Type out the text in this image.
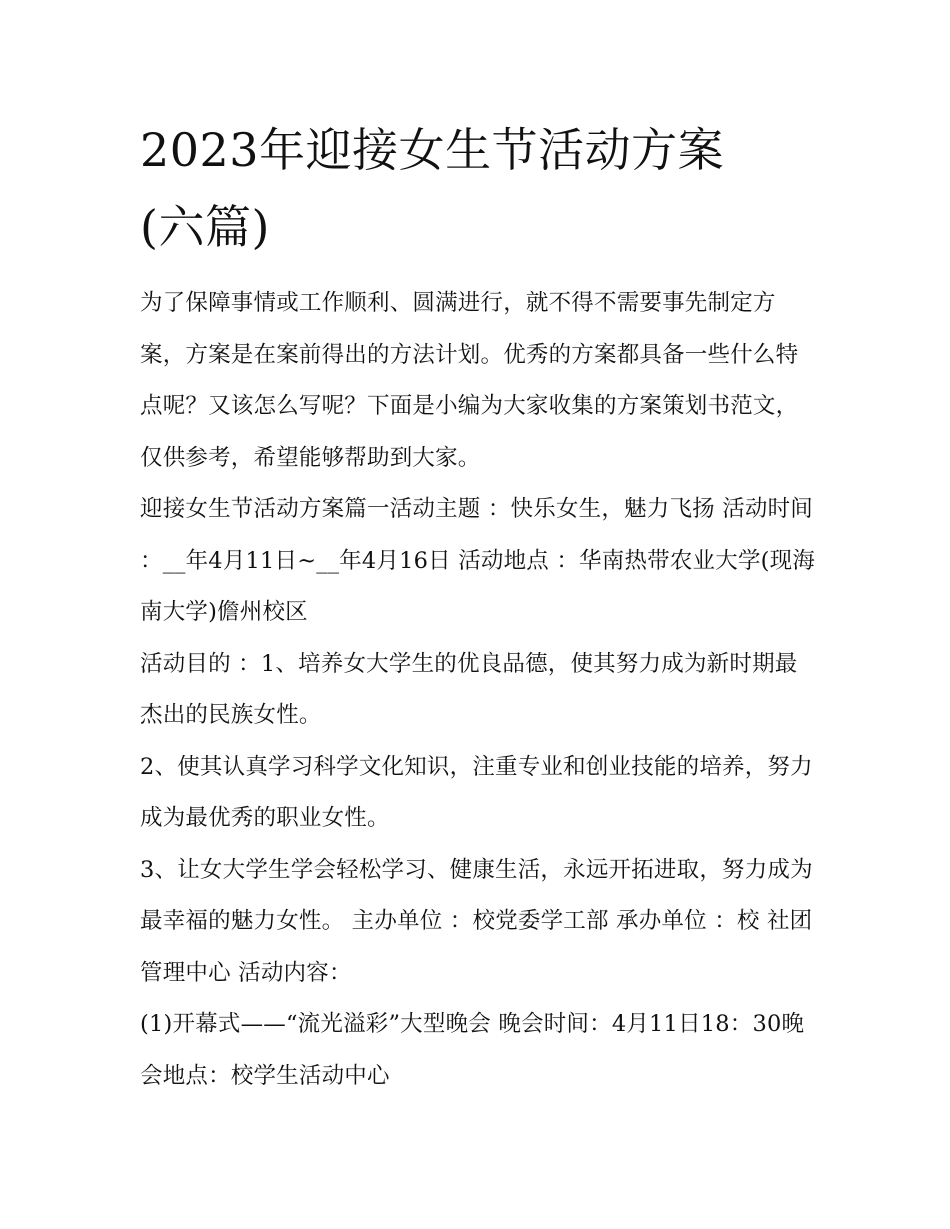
2023年迎接女生节活动方案
(六篇)

为了保障事情或工作顺利、圆满进行，就不得不需要事先制定方案，方案是在案前得出的方法计划。优秀的方案都具备一些什么特点呢？又该怎么写呢？下面是小编为大家收集的方案策划书范文，仅供参考，希望能够帮助到大家。

迎接女生节活动方案篇一活动主题 ：快乐女生，魅力飞扬 活动时间 ：__年4月11日~__年4月16日 活动地点 ：华南热带农业大学(现海南大学)儋州校区

活动目的 ：1、培养女大学生的优良品德，使其努力成为新时期最杰出的民族女性。

2、使其认真学习科学文化知识，注重专业和创业技能的培养，努力成为最优秀的职业女性。

3、让女大学生学会轻松学习、健康生活，永远开拓进取，努力成为最幸福的魅力女性。 主办单位 ：校党委学工部 承办单位 ：校 社团管理中心 活动内容：

(1)开幕式——“流光溢彩”大型晚会 晚会时间：4月11日18：30晚会地点：校学生活动中心
